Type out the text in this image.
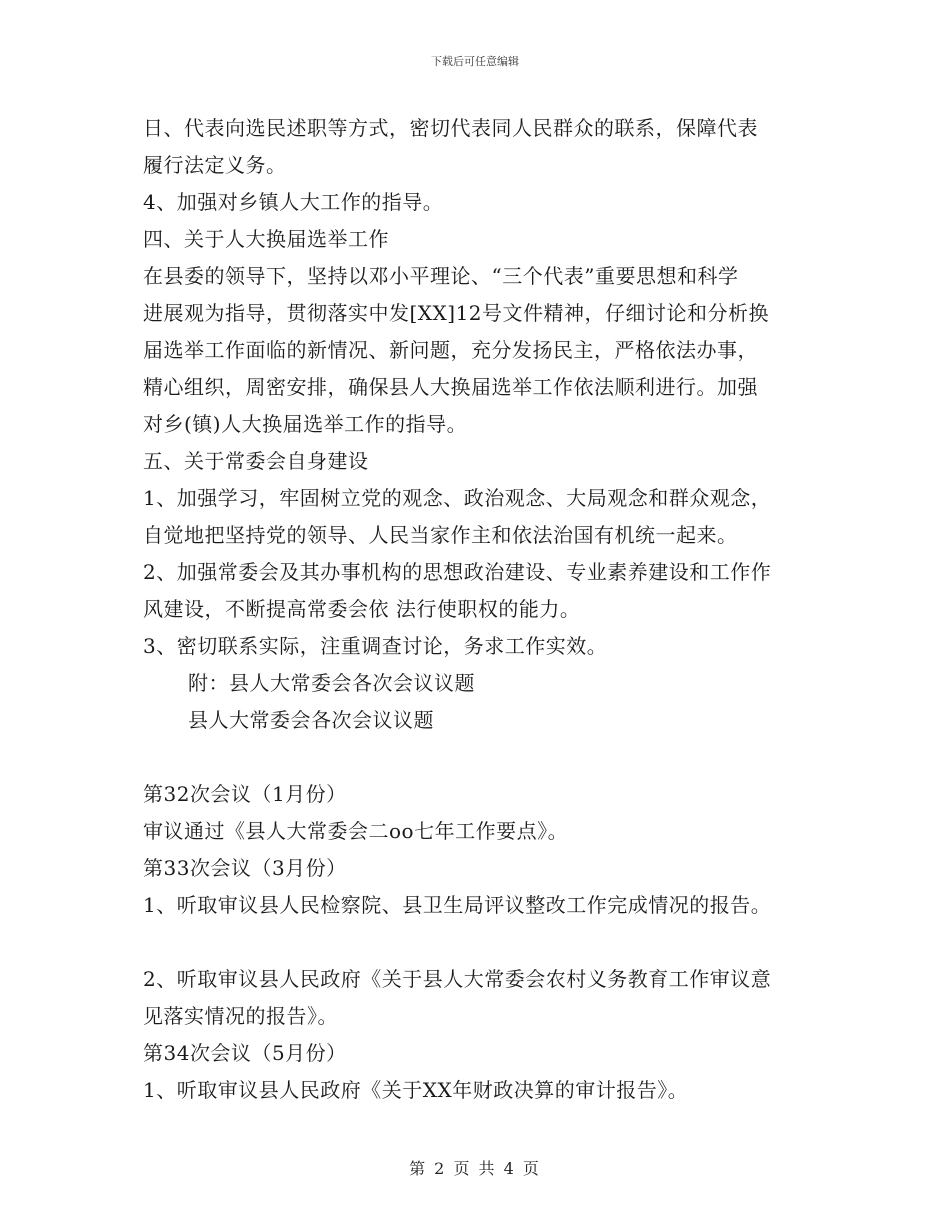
下载后可任意编辑
日、代表向选民述职等方式，密切代表同人民群众的联系，保障代表
履行法定义务。
4、加强对乡镇人大工作的指导。
四、关于人大换届选举工作
在县委的领导下，坚持以邓小平理论、“三个代表”重要思想和科学
进展观为指导，贯彻落实中发[XX]12号文件精神，仔细讨论和分析换
届选举工作面临的新情况、新问题，充分发扬民主，严格依法办事，
精心组织，周密安排，确保县人大换届选举工作依法顺利进行。加强
对乡(镇)人大换届选举工作的指导。
五、关于常委会自身建设
1、加强学习，牢固树立党的观念、政治观念、大局观念和群众观念，
自觉地把坚持党的领导、人民当家作主和依法治国有机统一起来。
2、加强常委会及其办事机构的思想政治建设、专业素养建设和工作作
风建设，不断提高常委会依 法行使职权的能力。
3、密切联系实际，注重调查讨论，务求工作实效。
附：县人大常委会各次会议议题
县人大常委会各次会议议题
第32次会议（1月份）
审议通过《县人大常委会二oo七年工作要点》。
第33次会议（3月份）
1、听取审议县人民检察院、县卫生局评议整改工作完成情况的报告。
2、听取审议县人民政府《关于县人大常委会农村义务教育工作审议意
见落实情况的报告》。
第34次会议（5月份）
1、听取审议县人民政府《关于XX年财政决算的审计报告》。
第 2 页 共 4 页
